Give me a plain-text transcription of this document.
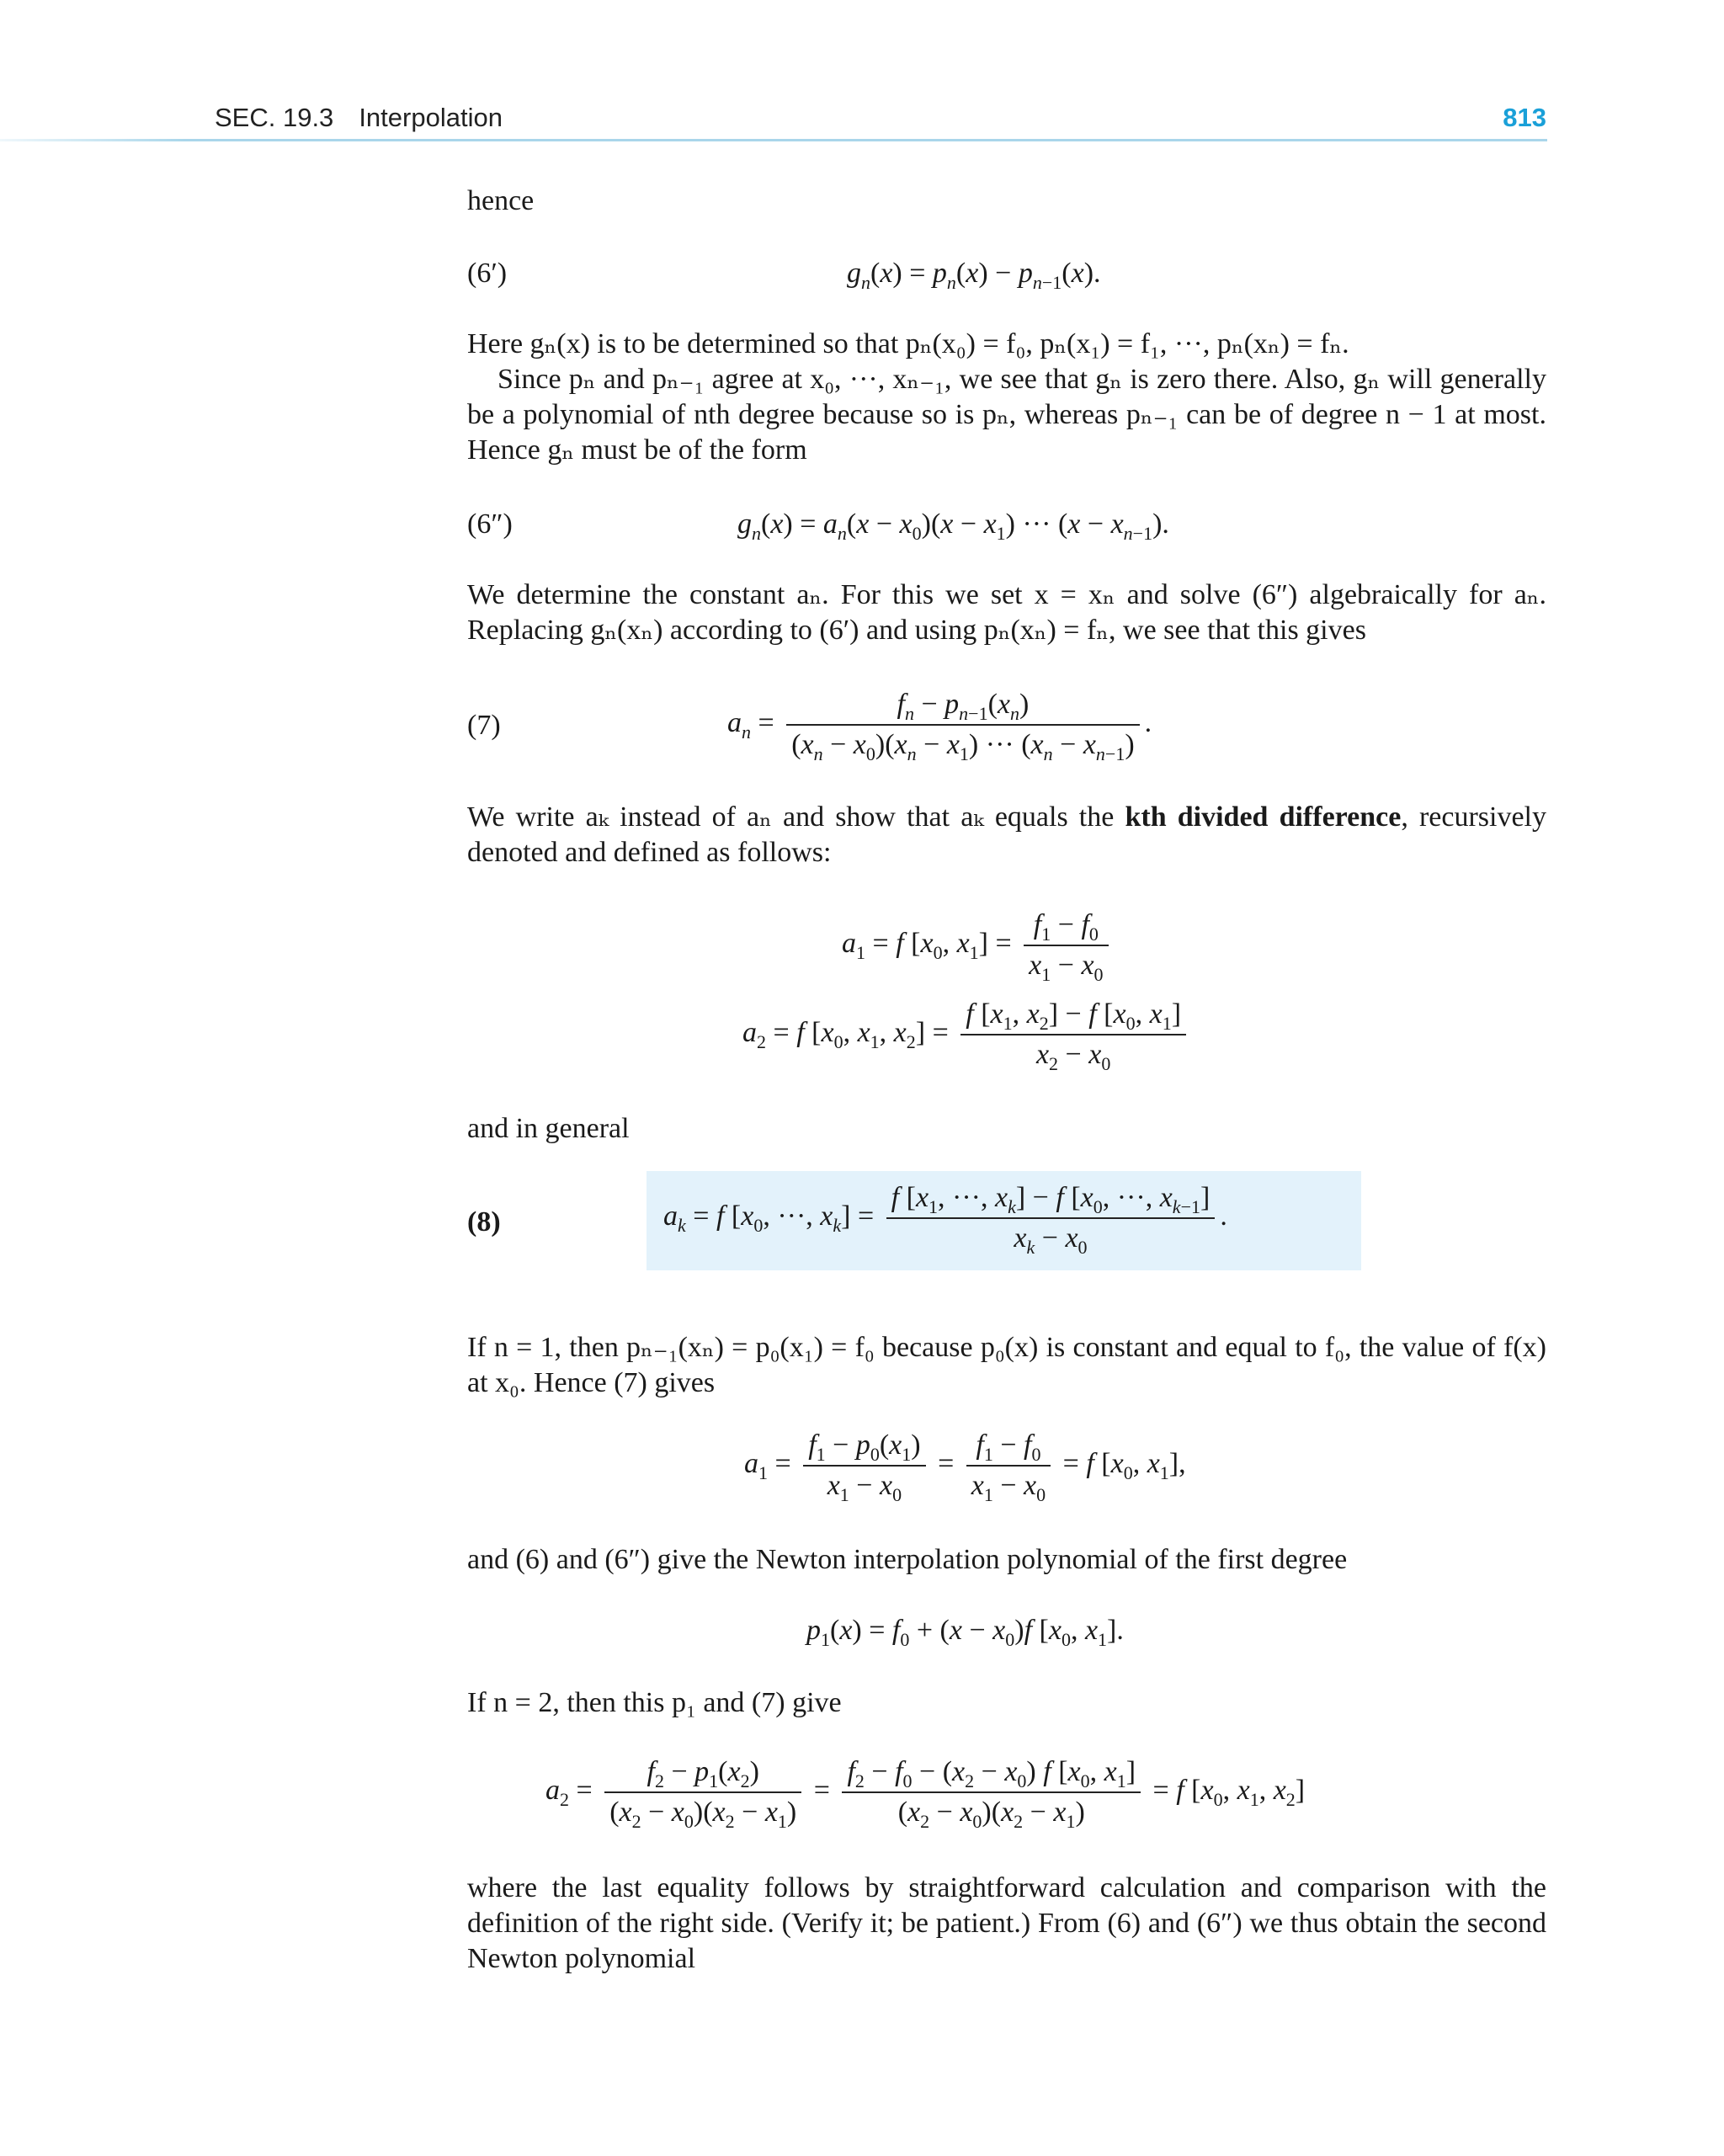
SEC. 19.3 Interpolation	813
hence
(6′)	$g_n(x) = p_n(x) - p_{n-1}(x)$.
Here gₙ(x) is to be determined so that pₙ(x₀) = f₀, pₙ(x₁) = f₁, ···, pₙ(xₙ) = fₙ.
Since pₙ and pₙ₋₁ agree at x₀, ···, xₙ₋₁, we see that gₙ is zero there. Also, gₙ will generally be a polynomial of nth degree because so is pₙ, whereas pₙ₋₁ can be of degree n − 1 at most. Hence gₙ must be of the form
(6″)	$g_n(x) = a_n(x - x_0)(x - x_1)$ ··· $(x - x_{n-1})$.
We determine the constant aₙ. For this we set x = xₙ and solve (6″) algebraically for aₙ. Replacing gₙ(xₙ) according to (6′) and using pₙ(xₙ) = fₙ, we see that this gives
(7)	$a_n = \frac{f_n - p_{n-1}(x_n)}{(x_n - x_0)(x_n - x_1) \cdot\cdot\cdot (x_n - x_{n-1})}$ .
We write aₖ instead of aₙ and show that aₖ equals the kth divided difference, recursively denoted and defined as follows:
$a_1 = f$ [$x_0$, $x_1] = \frac{f_1 - f_0}{x_1 - x_0}$
$a_2 = f$ [$x_0$, $x_1$, $x_2] = \frac{f [x_1, x_2] - f [x_0, x_1]}{x_2 - x_0}$
and in general
(8)	$a_k = f$ [$x_0$, ···, $x_k] = \frac{f [x_1, \cdot\cdot\cdot, x_k] - f [x_0, \cdot\cdot\cdot, x_{k-1}]}{x_k - x_0}$ .
If n = 1, then pₙ₋₁(xₙ) = p₀(x₁) = f₀ because p₀(x) is constant and equal to f₀, the value of f(x) at x₀. Hence (7) gives
$a_1 = \frac{f_1 - p_0(x_1)}{x_1 - x_0} = \frac{f_1 - f_0}{x_1 - x_0} = f$ [$x_0$, $x_1$],
and (6) and (6″) give the Newton interpolation polynomial of the first degree
$p_1(x) = f_0 + (x - x_0)f$ [$x_0$, $x_1$].
If n = 2, then this p₁ and (7) give
$a_2 = \frac{f_2 - p_1(x_2)}{(x_2 - x_0)(x_2 - x_1)} = \frac{f_2 - f_0 - (x_2 - x_0) f [x_0, x_1]}{(x_2 - x_0)(x_2 - x_1)} = f$ [$x_0$, $x_1$, $x_2$]
where the last equality follows by straightforward calculation and comparison with the definition of the right side. (Verify it; be patient.) From (6) and (6″) we thus obtain the second Newton polynomial
